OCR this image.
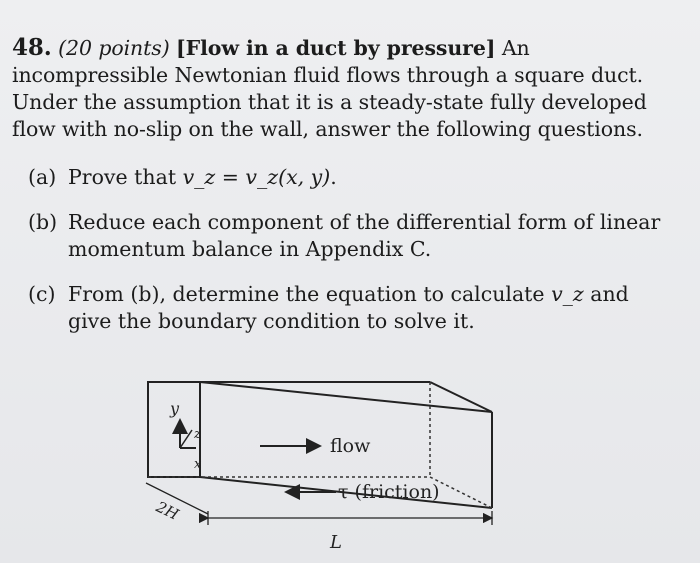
48. (20 points) [Flow in a duct by pressure] An incompressible Newtonian fluid flows through a square duct. Under the assumption that it is a steady-state fully developed flow with no-slip on the wall, answer the following questions.
(a) Prove that v_z = v_z(x, y).
(b) Reduce each component of the differential form of linear momentum balance in Appendix C.
(c) From (b), determine the equation to calculate v_z and give the boundary condition to solve it.
y
z
x
flow
τ (friction)
2H
L
